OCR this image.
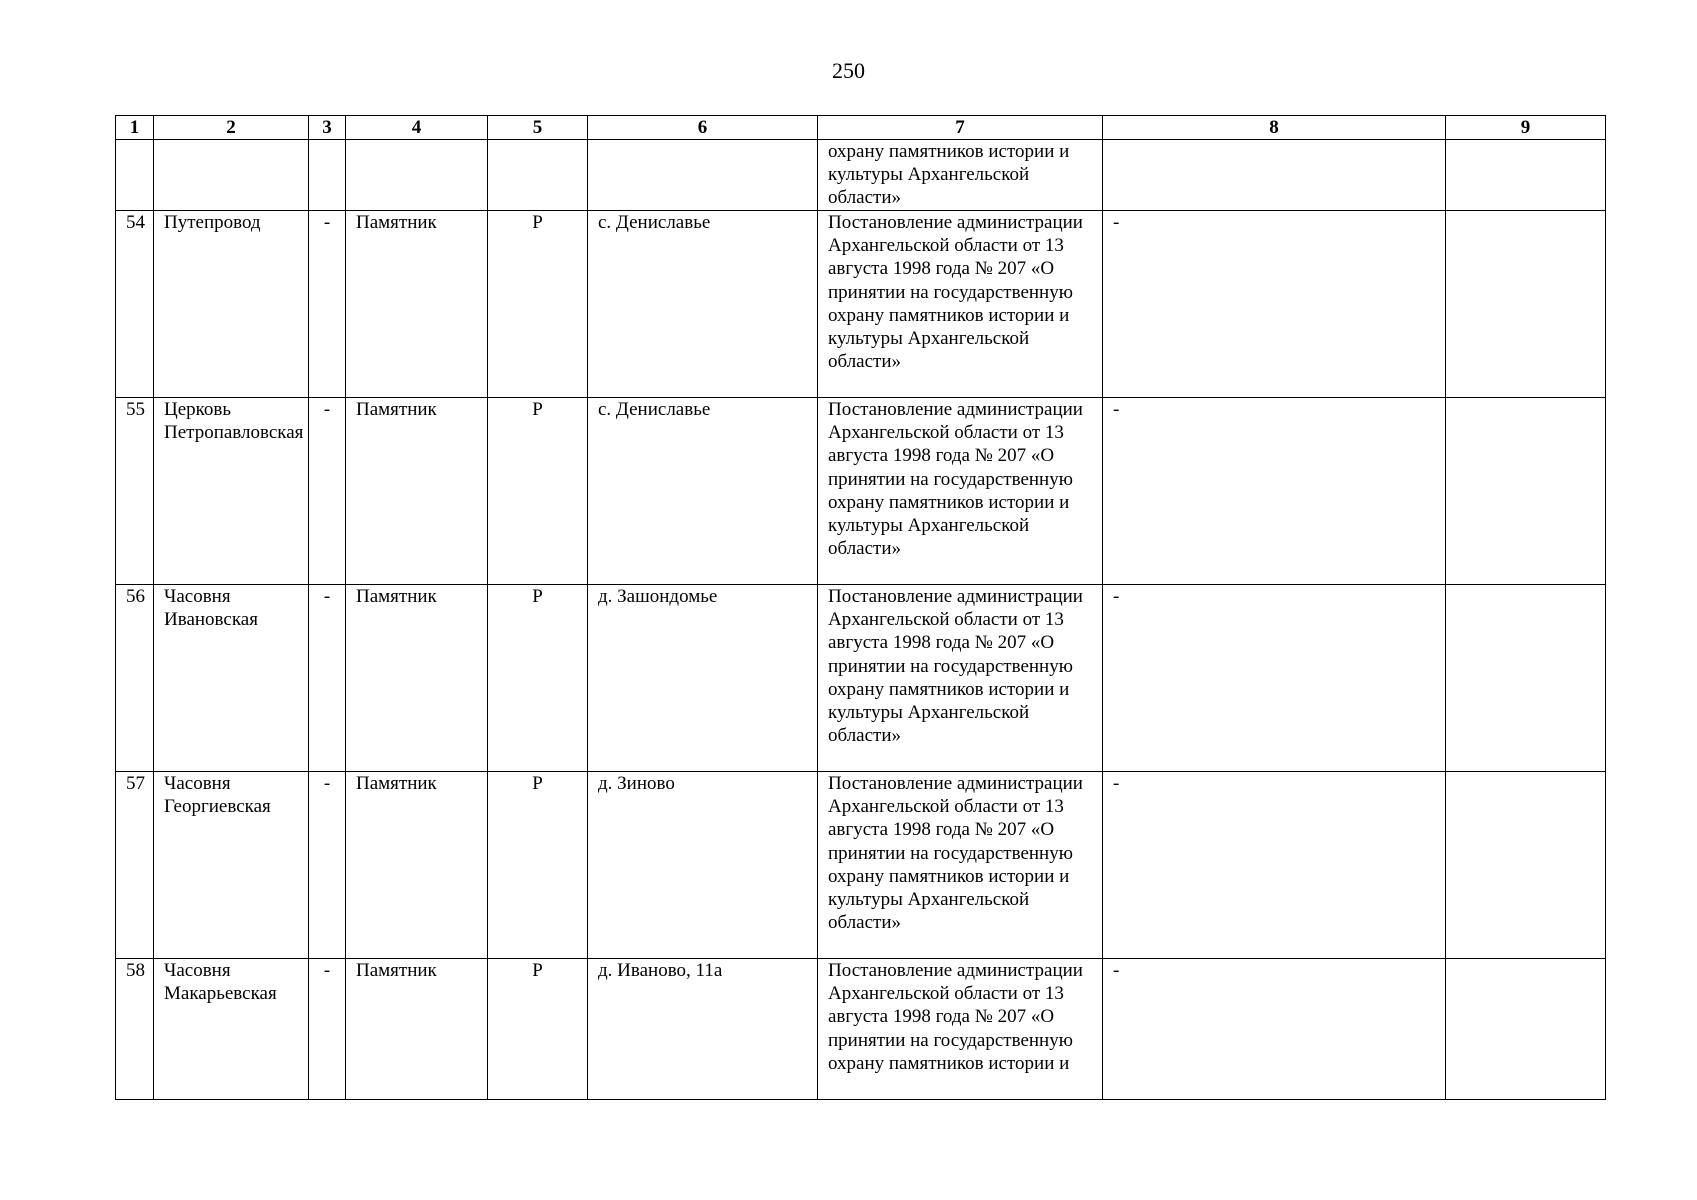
250
1	2	3	4	5	6	7	8	9
						охрану памятников истории и культуры Архангельской области»		
54	Путепровод	-	Памятник	Р	с. Дениславье	Постановление администрации Архангельской области от 13 августа 1998 года № 207 «О принятии на государственную охрану памятников истории и культуры Архангельской области»	-	
55	Церковь Петропавловская	-	Памятник	Р	с. Дениславье	Постановление администрации Архангельской области от 13 августа 1998 года № 207 «О принятии на государственную охрану памятников истории и культуры Архангельской области»	-	
56	Часовня Ивановская	-	Памятник	Р	д. Зашондомье	Постановление администрации Архангельской области от 13 августа 1998 года № 207 «О принятии на государственную охрану памятников истории и культуры Архангельской области»	-	
57	Часовня Георгиевская	-	Памятник	Р	д. Зиново	Постановление администрации Архангельской области от 13 августа 1998 года № 207 «О принятии на государственную охрану памятников истории и культуры Архангельской области»	-	
58	Часовня Макарьевская	-	Памятник	Р	д. Иваново, 11а	Постановление администрации Архангельской области от 13 августа 1998 года № 207 «О принятии на государственную охрану памятников истории и	-	
